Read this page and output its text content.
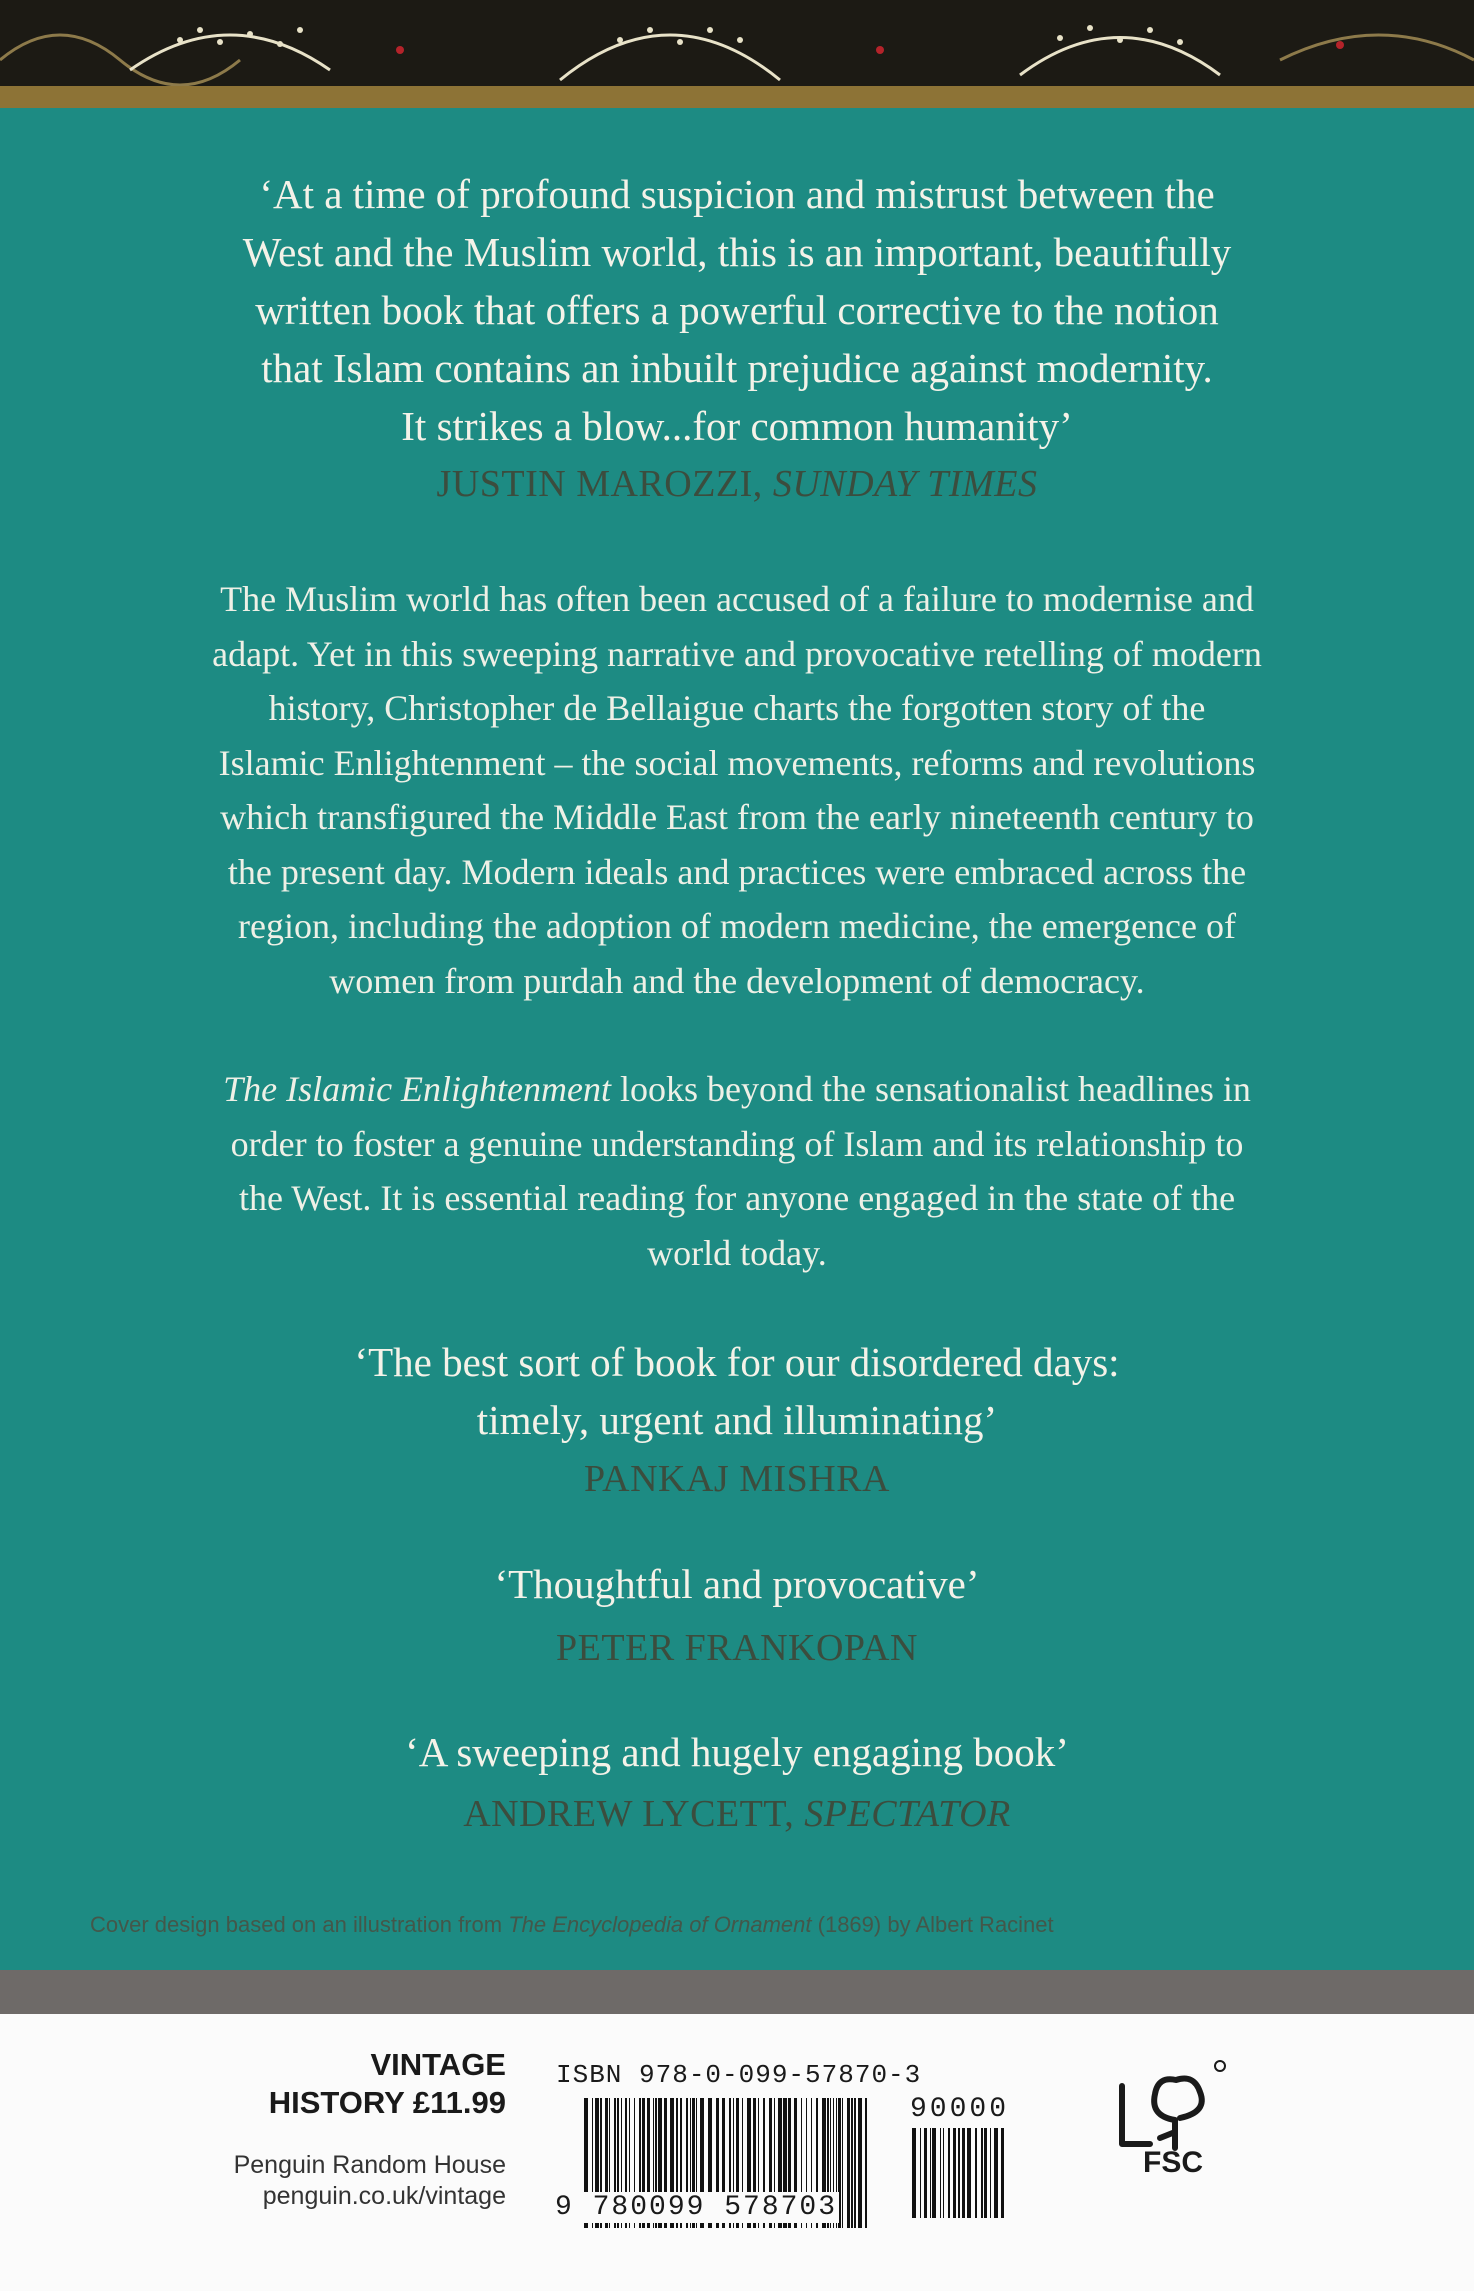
‘At a time of profound suspicion and mistrust between the
West and the Muslim world, this is an important, beautifully
written book that offers a powerful corrective to the notion
that Islam contains an inbuilt prejudice against modernity.
It strikes a blow...for common humanity’
JUSTIN MAROZZI, SUNDAY TIMES
The Muslim world has often been accused of a failure to modernise and
adapt. Yet in this sweeping narrative and provocative retelling of modern
history, Christopher de Bellaigue charts the forgotten story of the
Islamic Enlightenment – the social movements, reforms and revolutions
which transfigured the Middle East from the early nineteenth century to
the present day. Modern ideals and practices were embraced across the
region, including the adoption of modern medicine, the emergence of
women from purdah and the development of democracy.
The Islamic Enlightenment looks beyond the sensationalist headlines in
order to foster a genuine understanding of Islam and its relationship to
the West. It is essential reading for anyone engaged in the state of the
world today.
‘The best sort of book for our disordered days:
timely, urgent and illuminating’
PANKAJ MISHRA
‘Thoughtful and provocative’
PETER FRANKOPAN
‘A sweeping and hugely engaging book’
ANDREW LYCETT, SPECTATOR
Cover design based on an illustration from The Encyclopedia of Ornament (1869) by Albert Racinet
VINTAGE
HISTORY £11.99
Penguin Random House
penguin.co.uk/vintage
ISBN 978-0-099-57870-3
90000
9 780099 578703
FSC
